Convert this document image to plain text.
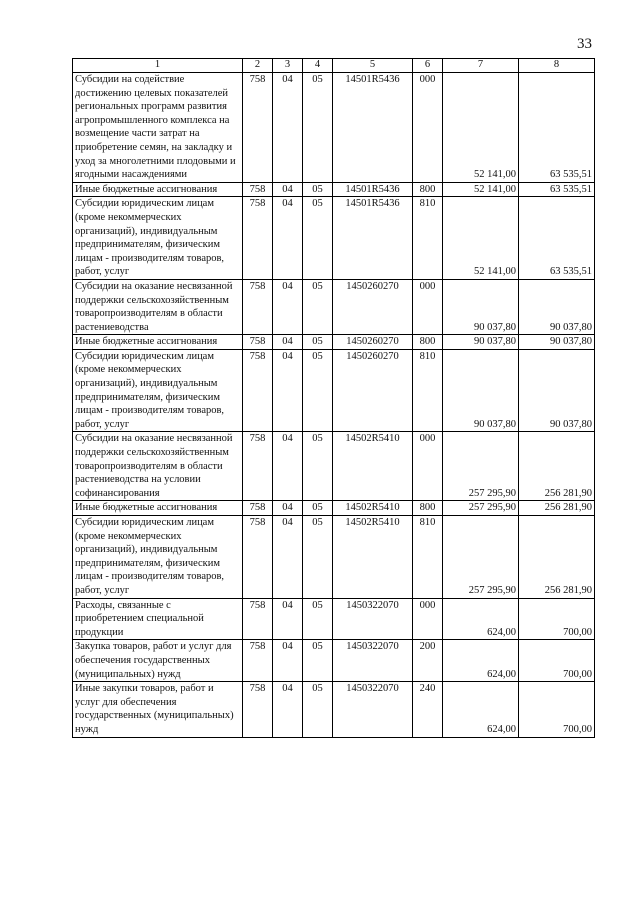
33
1	2	3	4	5	6	7	8
Субсидии на содействие достижению целевых показателей региональных программ развития агропромышленного комплекса на возмещение части затрат на приобретение семян, на закладку и уход за многолетними плодовыми и ягодными насаждениями	758	04	05	14501R5436	000	52 141,00	63 535,51
Иные бюджетные ассигнования	758	04	05	14501R5436	800	52 141,00	63 535,51
Субсидии юридическим лицам (кроме некоммерческих организаций), индивидуальным предпринимателям, физическим лицам - производителям товаров, работ, услуг	758	04	05	14501R5436	810	52 141,00	63 535,51
Субсидии на оказание несвязанной поддержки сельскохозяйственным товаропроизводителям в области растениеводства	758	04	05	1450260270	000	90 037,80	90 037,80
Иные бюджетные ассигнования	758	04	05	1450260270	800	90 037,80	90 037,80
Субсидии юридическим лицам (кроме некоммерческих организаций), индивидуальным предпринимателям, физическим лицам - производителям товаров, работ, услуг	758	04	05	1450260270	810	90 037,80	90 037,80
Субсидии на оказание несвязанной поддержки сельскохозяйственным товаропроизводителям в области растениеводства на условии софинансирования	758	04	05	14502R5410	000	257 295,90	256 281,90
Иные бюджетные ассигнования	758	04	05	14502R5410	800	257 295,90	256 281,90
Субсидии юридическим лицам (кроме некоммерческих организаций), индивидуальным предпринимателям, физическим лицам - производителям товаров, работ, услуг	758	04	05	14502R5410	810	257 295,90	256 281,90
Расходы, связанные с приобретением специальной продукции	758	04	05	1450322070	000	624,00	700,00
Закупка товаров, работ и услуг для обеспечения государственных (муниципальных) нужд	758	04	05	1450322070	200	624,00	700,00
Иные закупки товаров, работ и услуг для обеспечения государственных (муниципальных) нужд	758	04	05	1450322070	240	624,00	700,00
